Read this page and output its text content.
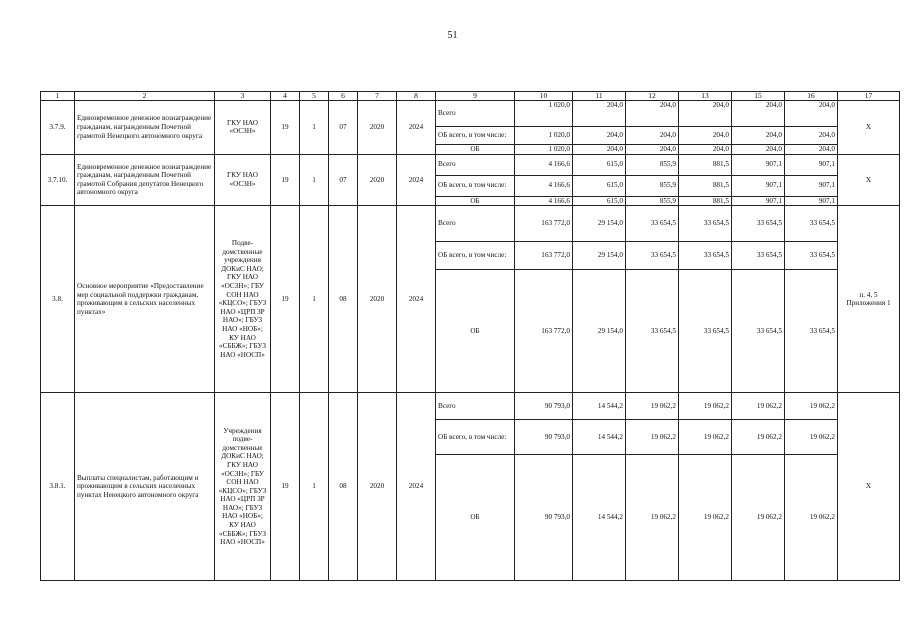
51
1	2	3	4	5	6	7	8	9	10	11	12	13	15	16	17
3.7.9.	Единовременное денежное вознаграждение гражданам, награжденным Почетной грамотой Ненецкого автономного округа	ГКУ НАО «ОСЗН»	19	1	07	2020	2024	Всего	1 020,0	204,0	204,0	204,0	204,0	204,0	X
								ОБ всего, в том числе:	1 020,0	204,0	204,0	204,0	204,0	204,0	
								ОБ	1 020,0	204,0	204,0	204,0	204,0	204,0	
3.7.10.	Единовременное денежное вознаграждение гражданам, награжденным Почетной грамотой Собрания депутатов Ненецкого автономного округа	ГКУ НАО «ОСЗН»	19	1	07	2020	2024	Всего	4 166,6	615,0	855,9	881,5	907,1	907,1	X
								ОБ всего, в том числе:	4 166,6	615,0	855,9	881,5	907,1	907,1	
								ОБ	4 166,6	615,0	855,9	881,5	907,1	907,1	
3.8.	Основное мероприятие «Предоставление мер социальной поддержки гражданам, проживающим в сельских населенных пунктах»	Подве-домственные учреждения ДОКиС НАО; ГКУ НАО «ОСЗН»; ГБУ СОН НАО «КЦСО»; ГБУЗ НАО «ЦРП ЗР НАО»; ГБУЗ НАО «НОБ»; КУ НАО «СББЖ»; ГБУЗ НАО «НОСП»	19	1	08	2020	2024	Всего	163 772,0	29 154,0	33 654,5	33 654,5	33 654,5	33 654,5	п. 4, 5 Приложения 1
								ОБ всего, в том числе:	163 772,0	29 154,0	33 654,5	33 654,5	33 654,5	33 654,5	
								ОБ	163 772,0	29 154,0	33 654,5	33 654,5	33 654,5	33 654,5	
3.8.1.	Выплаты специалистам, работающим и проживающим в сельских населенных пунктах Ненецкого автономного округа	Учреждения подве-домственные ДОКиС НАО; ГКУ НАО «ОСЗН»; ГБУ СОН НАО «КЦСО»; ГБУЗ НАО «ЦРП ЗР НАО»; ГБУЗ НАО «НОБ»; КУ НАО «СББЖ»; ГБУЗ НАО «НОСП»	19	1	08	2020	2024	Всего	90 793,0	14 544,2	19 062,2	19 062,2	19 062,2	19 062,2	X
								ОБ всего, в том числе:	90 793,0	14 544,2	19 062,2	19 062,2	19 062,2	19 062,2	
								ОБ	90 793,0	14 544,2	19 062,2	19 062,2	19 062,2	19 062,2	
